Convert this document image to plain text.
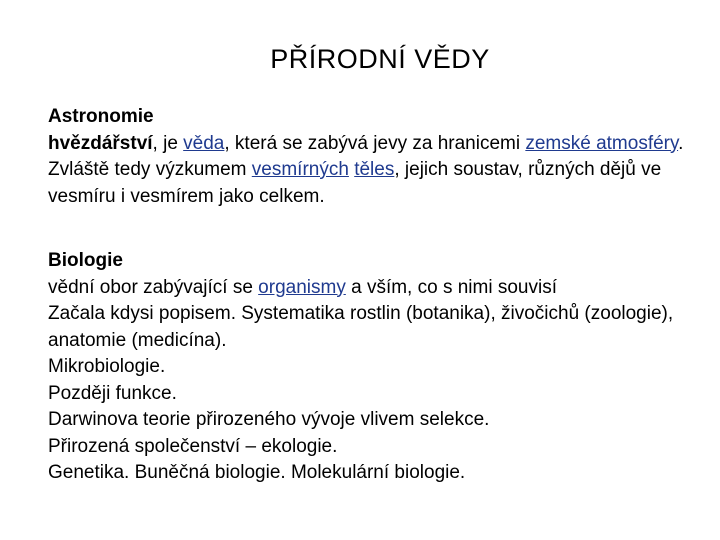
PŘÍRODNÍ VĚDY
Astronomie

hvězdářství, je věda, která se zabývá jevy za hranicemi zemské atmosféry. Zvláště tedy výzkumem vesmírných těles, jejich soustav, různých dějů ve vesmíru i vesmírem jako celkem.

Biologie

vědní obor zabývající se organismy a vším, co s nimi souvisí

Začala kdysi popisem. Systematika rostlin (botanika), živočichů (zoologie), anatomie (medicína).

Mikrobiologie.

Později funkce.

Darwinova teorie přirozeného vývoje vlivem selekce.

Přirozená společenství – ekologie.

Genetika. Buněčná biologie. Molekulární biologie.
